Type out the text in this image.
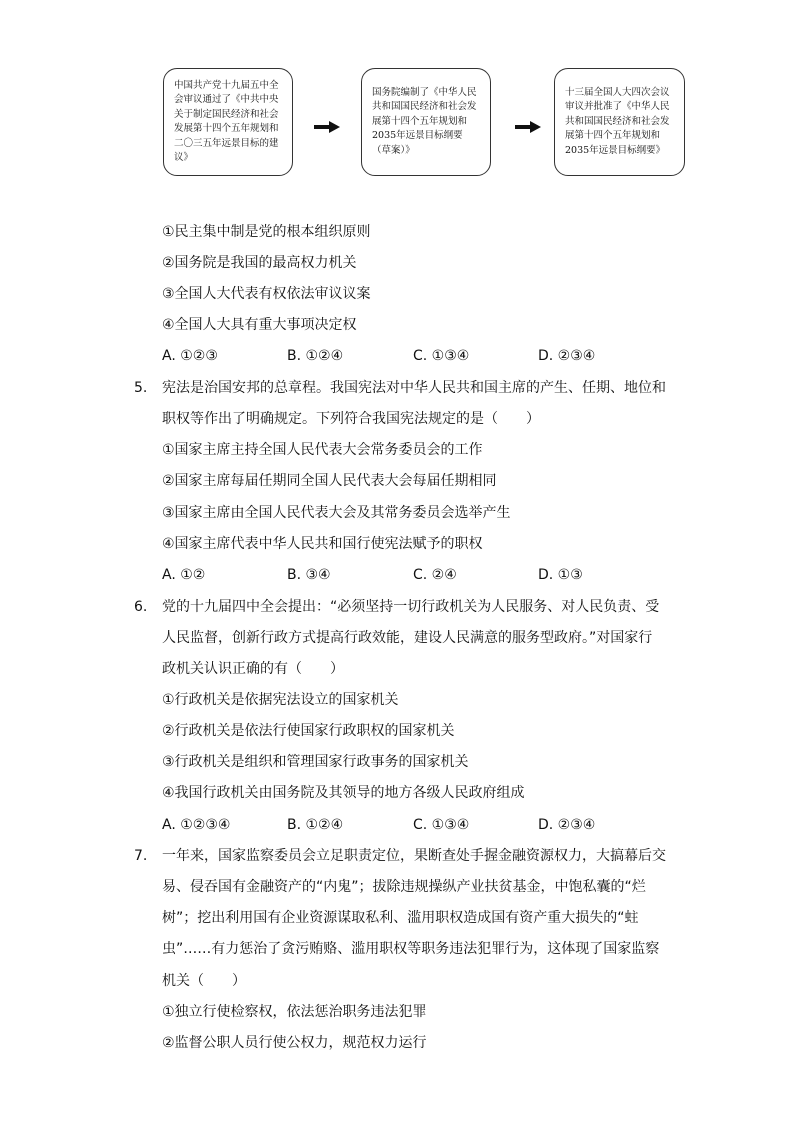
中国共产党十九届五中全会审议通过了《中共中央关于制定国民经济和社会发展第十四个五年规划和二〇三五年远景目标的建议》
国务院编制了《中华人民共和国国民经济和社会发展第十四个五年规划和2035年远景目标纲要（草案）》
十三届全国人大四次会议审议并批准了《中华人民共和国国民经济和社会发展第十四个五年规划和2035年远景目标纲要》
①民主集中制是党的根本组织原则
②国务院是我国的最高权力机关
③全国人大代表有权依法审议议案
④全国人大具有重大事项决定权
A. ①②③	B. ①②④	C. ①③④	D. ②③④
5. 宪法是治国安邦的总章程。我国宪法对中华人民共和国主席的产生、任期、地位和
职权等作出了明确规定。下列符合我国宪法规定的是（　　）
①国家主席主持全国人民代表大会常务委员会的工作
②国家主席每届任期同全国人民代表大会每届任期相同
③国家主席由全国人民代表大会及其常务委员会选举产生
④国家主席代表中华人民共和国行使宪法赋予的职权
A. ①②	B. ③④	C. ②④	D. ①③
6. 党的十九届四中全会提出：“必须坚持一切行政机关为人民服务、对人民负责、受
人民监督，创新行政方式提高行政效能，建设人民满意的服务型政府。”对国家行
政机关认识正确的有（　　）
①行政机关是依据宪法设立的国家机关
②行政机关是依法行使国家行政职权的国家机关
③行政机关是组织和管理国家行政事务的国家机关
④我国行政机关由国务院及其领导的地方各级人民政府组成
A. ①②③④	B. ①②④	C. ①③④	D. ②③④
7. 一年来，国家监察委员会立足职责定位，果断查处手握金融资源权力，大搞幕后交
易、侵吞国有金融资产的“内鬼”；拔除违规操纵产业扶贫基金，中饱私囊的“烂
树”；挖出利用国有企业资源谋取私利、滥用职权造成国有资产重大损失的“蛀
虫”……有力惩治了贪污贿赂、滥用职权等职务违法犯罪行为，这体现了国家监察
机关（　　）
①独立行使检察权，依法惩治职务违法犯罪
②监督公职人员行使公权力，规范权力运行
